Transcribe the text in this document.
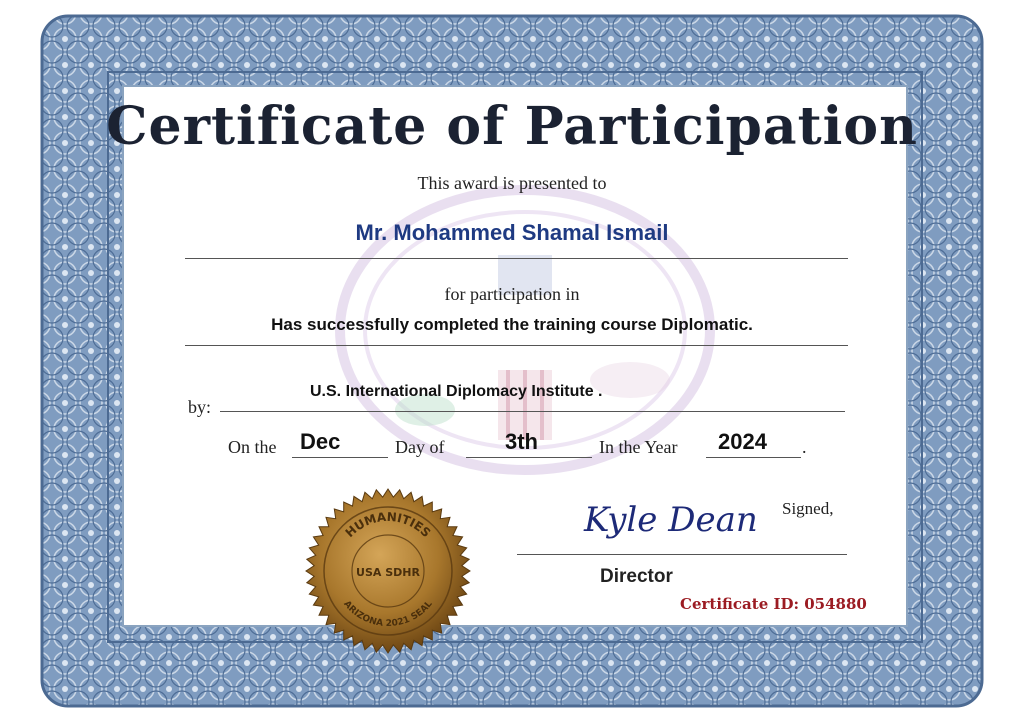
Certificate of Participation
This award is presented to
Mr. Mohammed Shamal Ismail
for participation in
Has successfully completed the training course Diplomatic.
by:
U.S. International Diplomacy Institute .
On the Dec	Day of	3th	In the Year 2024 .
Kyle Dean Signed,
Director
Certificate ID: 054880
HUMANITIES
USA SDHR
ARIZONA 2021 SEAL
